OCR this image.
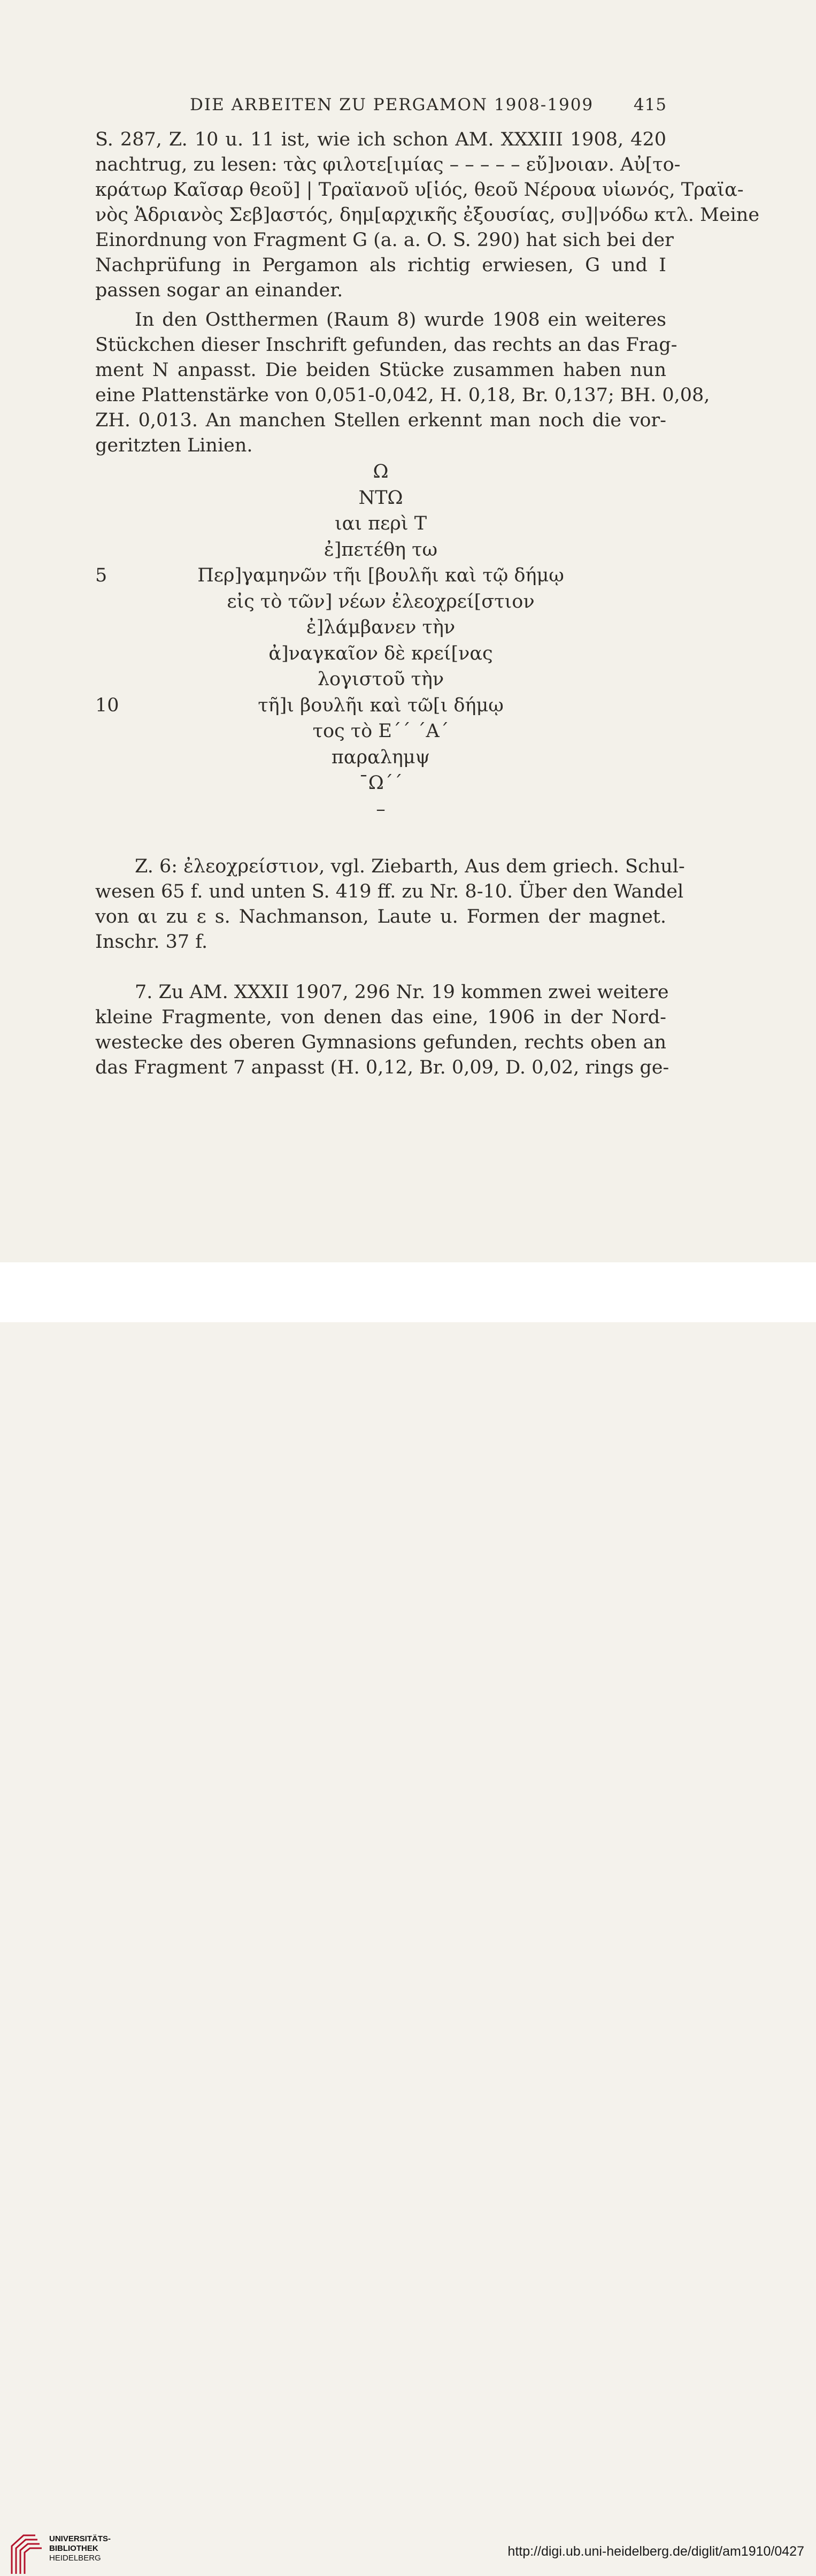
DIE ARBEITEN ZU PERGAMON 1908-1909 415
S. 287, Z. 10 u. 11 ist, wie ich schon AM. XXXIII 1908, 420
nachtrug, zu lesen: τὰς φιλοτε[ιμίας – – – – – εὔ]νοιαν. Αὐ[το-
κράτωρ Καῖσαρ θεοῦ] | Τραϊανοῦ υ[ἱός, θεοῦ Νέρουα υἱωνός, Τραϊα-
νὸς Ἁδριανὸς Σεβ]αστός, δημ[αρχικῆς ἐξουσίας, συ]|νόδω κτλ. Meine
Einordnung von Fragment G (a. a. O. S. 290) hat sich bei der
Nachprüfung in Pergamon als richtig erwiesen, G und I
passen sogar an einander.
In den Ostthermen (Raum 8) wurde 1908 ein weiteres
Stückchen dieser Inschrift gefunden, das rechts an das Frag-
ment N anpasst. Die beiden Stücke zusammen haben nun
eine Plattenstärke von 0,051-0,042, H. 0,18, Br. 0,137; BH. 0,08,
ZH. 0,013. An manchen Stellen erkennt man noch die vor-
geritzten Linien.
Ω
ΝΤΩ
ιαι περὶ Τ
ἐ]πετέθη τω
5	Περ]γαμηνῶν τῆι [βουλῆι καὶ τῷ δήμῳ
εἰς τὸ τῶν] νέων ἐλεοχρεί[στιον
ἐ]λάμβανεν τὴν
ἀ]ναγκαῖον δὲ κρεί[νας
λογιστοῦ τὴν
10	τῆ]ι βουλῆι καὶ τῶ[ι δήμῳ
τος τὸ Ε΄΄ ΄Α΄
παραλημψ
¯Ω΄΄
–
Z. 6: ἐλεοχρείστιον, vgl. Ziebarth, Aus dem griech. Schul-
wesen 65 f. und unten S. 419 ff. zu Nr. 8-10. Über den Wandel
von αι zu ε s. Nachmanson, Laute u. Formen der magnet.
Inschr. 37 f.
7. Zu AM. XXXII 1907, 296 Nr. 19 kommen zwei weitere
kleine Fragmente, von denen das eine, 1906 in der Nord-
westecke des oberen Gymnasions gefunden, rechts oben an
das Fragment 7 anpasst (H. 0,12, Br. 0,09, D. 0,02, rings ge-
UNIVERSITÄTS-
BIBLIOTHEK
HEIDELBERG	http://digi.ub.uni-heidelberg.de/diglit/am1910/0427
